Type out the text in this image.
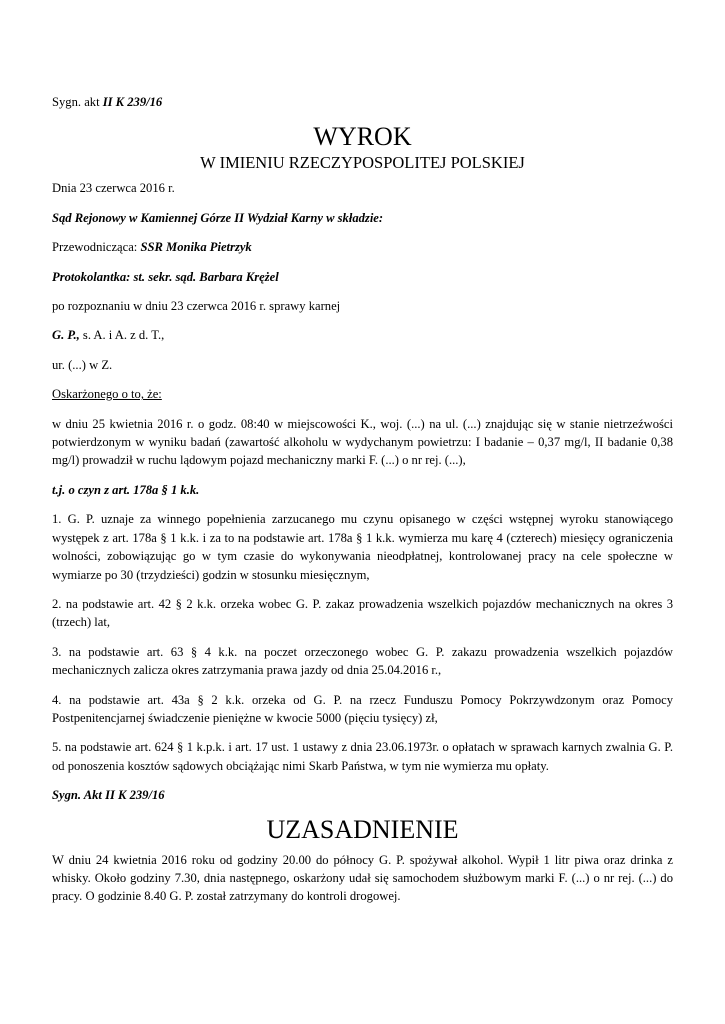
Sygn. akt II K 239/16

WYROK

W IMIENIU RZECZYPOSPOLITEJ POLSKIEJ

Dnia 23 czerwca 2016 r.

Sąd Rejonowy w Kamiennej Górze II Wydział Karny w składzie:

Przewodnicząca: SSR Monika Pietrzyk

Protokolantka: st. sekr. sąd. Barbara Krężel

po rozpoznaniu w dniu 23 czerwca 2016 r. sprawy karnej

G. P., s. A. i A. z d. T.,

ur. (...) w Z.

Oskarżonego o to, że:

w dniu 25 kwietnia 2016 r. o godz. 08:40 w miejscowości K., woj. (...) na ul. (...) znajdując się w stanie nietrzeźwości potwierdzonym w wyniku badań (zawartość alkoholu w wydychanym powietrzu: I badanie – 0,37 mg/l, II badanie 0,38 mg/l) prowadził w ruchu lądowym pojazd mechaniczny marki F. (...) o nr rej. (...),

t.j. o czyn z art. 178a § 1 k.k.

1. G. P. uznaje za winnego popełnienia zarzucanego mu czynu opisanego w części wstępnej wyroku stanowiącego występek z art. 178a § 1 k.k. i za to na podstawie art. 178a § 1 k.k. wymierza mu karę 4 (czterech) miesięcy ograniczenia wolności, zobowiązując go w tym czasie do wykonywania nieodpłatnej, kontrolowanej pracy na cele społeczne w wymiarze po 30 (trzydzieści) godzin w stosunku miesięcznym,

2. na podstawie art. 42 § 2 k.k. orzeka wobec G. P. zakaz prowadzenia wszelkich pojazdów mechanicznych na okres 3 (trzech) lat,

3. na podstawie art. 63 § 4 k.k. na poczet orzeczonego wobec G. P. zakazu prowadzenia wszelkich pojazdów mechanicznych zalicza okres zatrzymania prawa jazdy od dnia 25.04.2016 r.,

4. na podstawie art. 43a § 2 k.k. orzeka od G. P. na rzecz Funduszu Pomocy Pokrzywdzonym oraz Pomocy Postpenitencjarnej świadczenie pieniężne w kwocie 5000 (pięciu tysięcy) zł,

5. na podstawie art. 624 § 1 k.p.k. i art. 17 ust. 1 ustawy z dnia 23.06.1973r. o opłatach w sprawach karnych zwalnia G. P. od ponoszenia kosztów sądowych obciążając nimi Skarb Państwa, w tym nie wymierza mu opłaty.

Sygn. Akt II K 239/16

UZASADNIENIE

W dniu 24 kwietnia 2016 roku od godziny 20.00 do północy G. P. spożywał alkohol. Wypił 1 litr piwa oraz drinka z whisky. Około godziny 7.30, dnia następnego, oskarżony udał się samochodem służbowym marki F. (...) o nr rej. (...) do pracy. O godzinie 8.40 G. P. został zatrzymany do kontroli drogowej.
